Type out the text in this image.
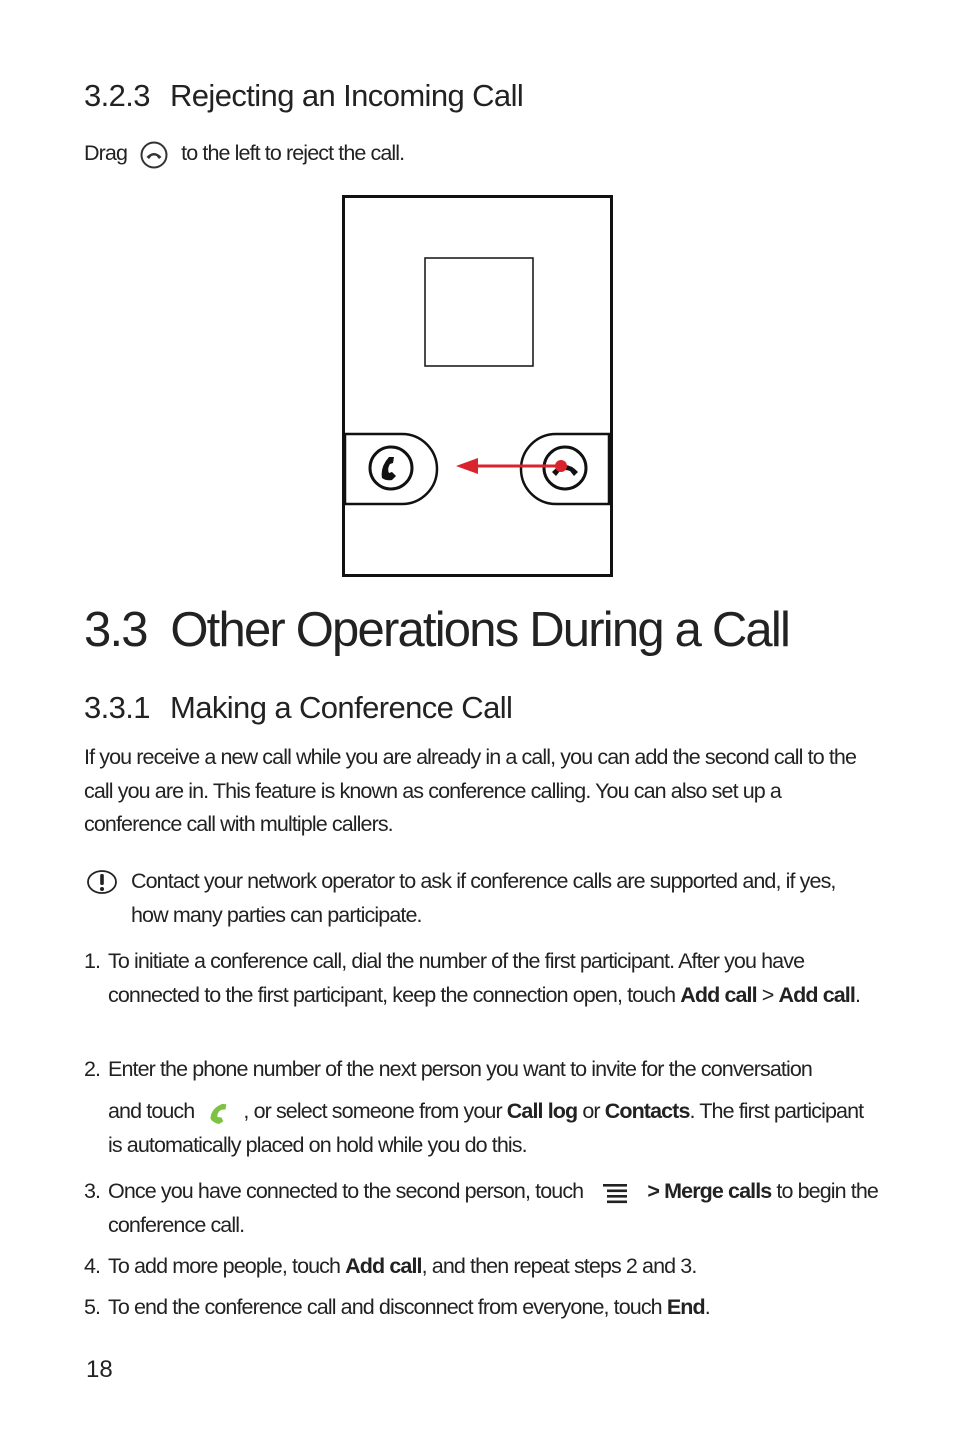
3.2.3 Rejecting an Incoming Call
Drag	to the left to reject the call.
3.3 Other Operations During a Call
3.3.1 Making a Conference Call
If you receive a new call while you are already in a call, you can add the second call to the call you are in. This feature is known as conference calling. You can also set up a conference call with multiple callers.
Contact your network operator to ask if conference calls are supported and, if yes, how many parties can participate.
1. To initiate a conference call, dial the number of the first participant. After you have connected to the first participant, keep the connection open, touch Add call > Add call.
2. Enter the phone number of the next person you want to invite for the conversation
and touch , or select someone from your Call log or Contacts. The first participant is automatically placed on hold while you do this.
3. Once you have connected to the second person, touch	> Merge calls to begin the conference call.
4. To add more people, touch Add call, and then repeat steps 2 and 3.
5. To end the conference call and disconnect from everyone, touch End.
18
